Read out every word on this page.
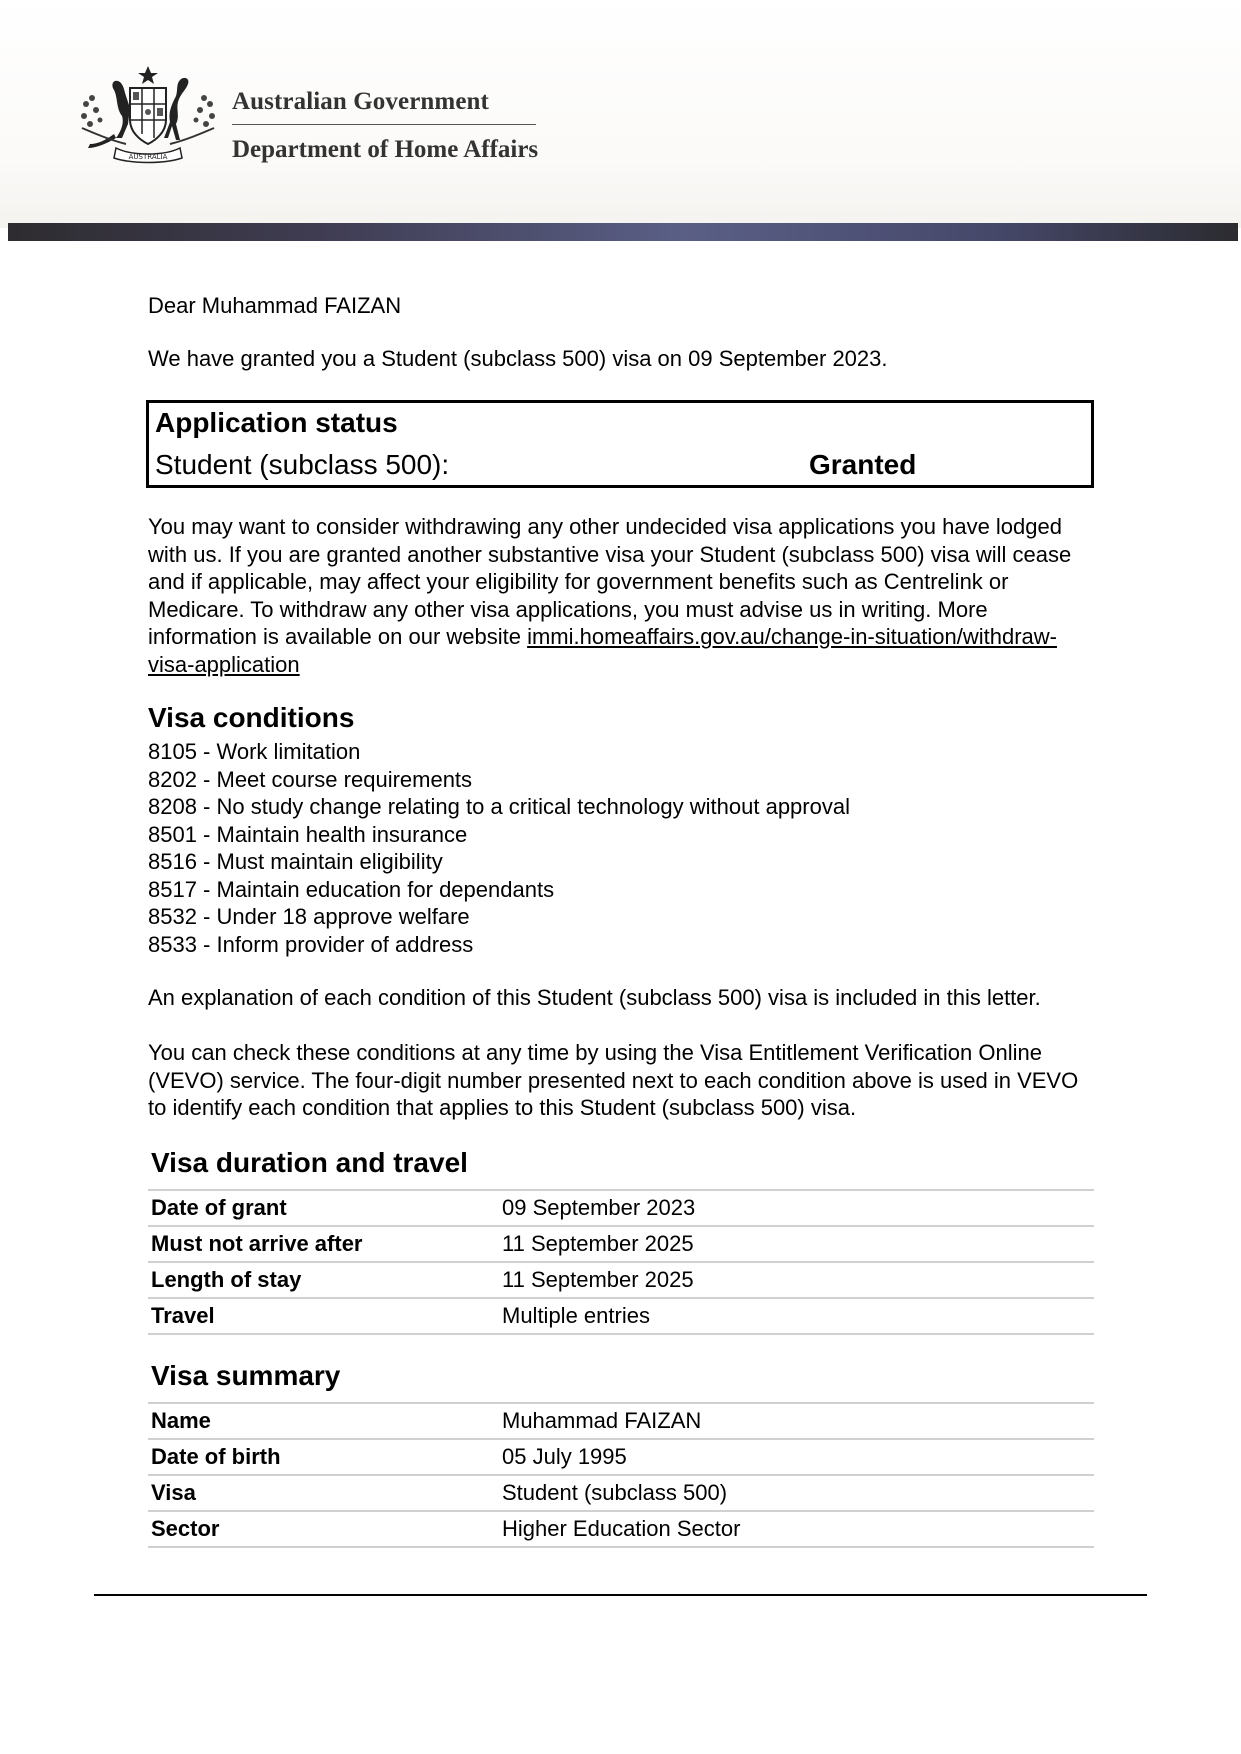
AUSTRALIA
Australian Government
Department of Home Affairs
Dear Muhammad FAIZAN
We have granted you a Student (subclass 500) visa on 09 September 2023.
Application status
Student (subclass 500):	Granted
You may want to consider withdrawing any other undecided visa applications you have lodged with us. If you are granted another substantive visa your Student (subclass 500) visa will cease and if applicable, may affect your eligibility for government benefits such as Centrelink or Medicare. To withdraw any other visa applications, you must advise us in writing. More information is available on our website immi.homeaffairs.gov.au/change-in-situation/withdraw-visa-application
Visa conditions
8105 - Work limitation
8202 - Meet course requirements
8208 - No study change relating to a critical technology without approval
8501 - Maintain health insurance
8516 - Must maintain eligibility
8517 - Maintain education for dependants
8532 - Under 18 approve welfare
8533 - Inform provider of address
An explanation of each condition of this Student (subclass 500) visa is included in this letter.
You can check these conditions at any time by using the Visa Entitlement Verification Online (VEVO) service. The four-digit number presented next to each condition above is used in VEVO to identify each condition that applies to this Student (subclass 500) visa.
Visa duration and travel
Date of grant	09 September 2023
Must not arrive after	11 September 2025
Length of stay	11 September 2025
Travel	Multiple entries
Visa summary
Name	Muhammad FAIZAN
Date of birth	05 July 1995
Visa	Student (subclass 500)
Sector	Higher Education Sector
